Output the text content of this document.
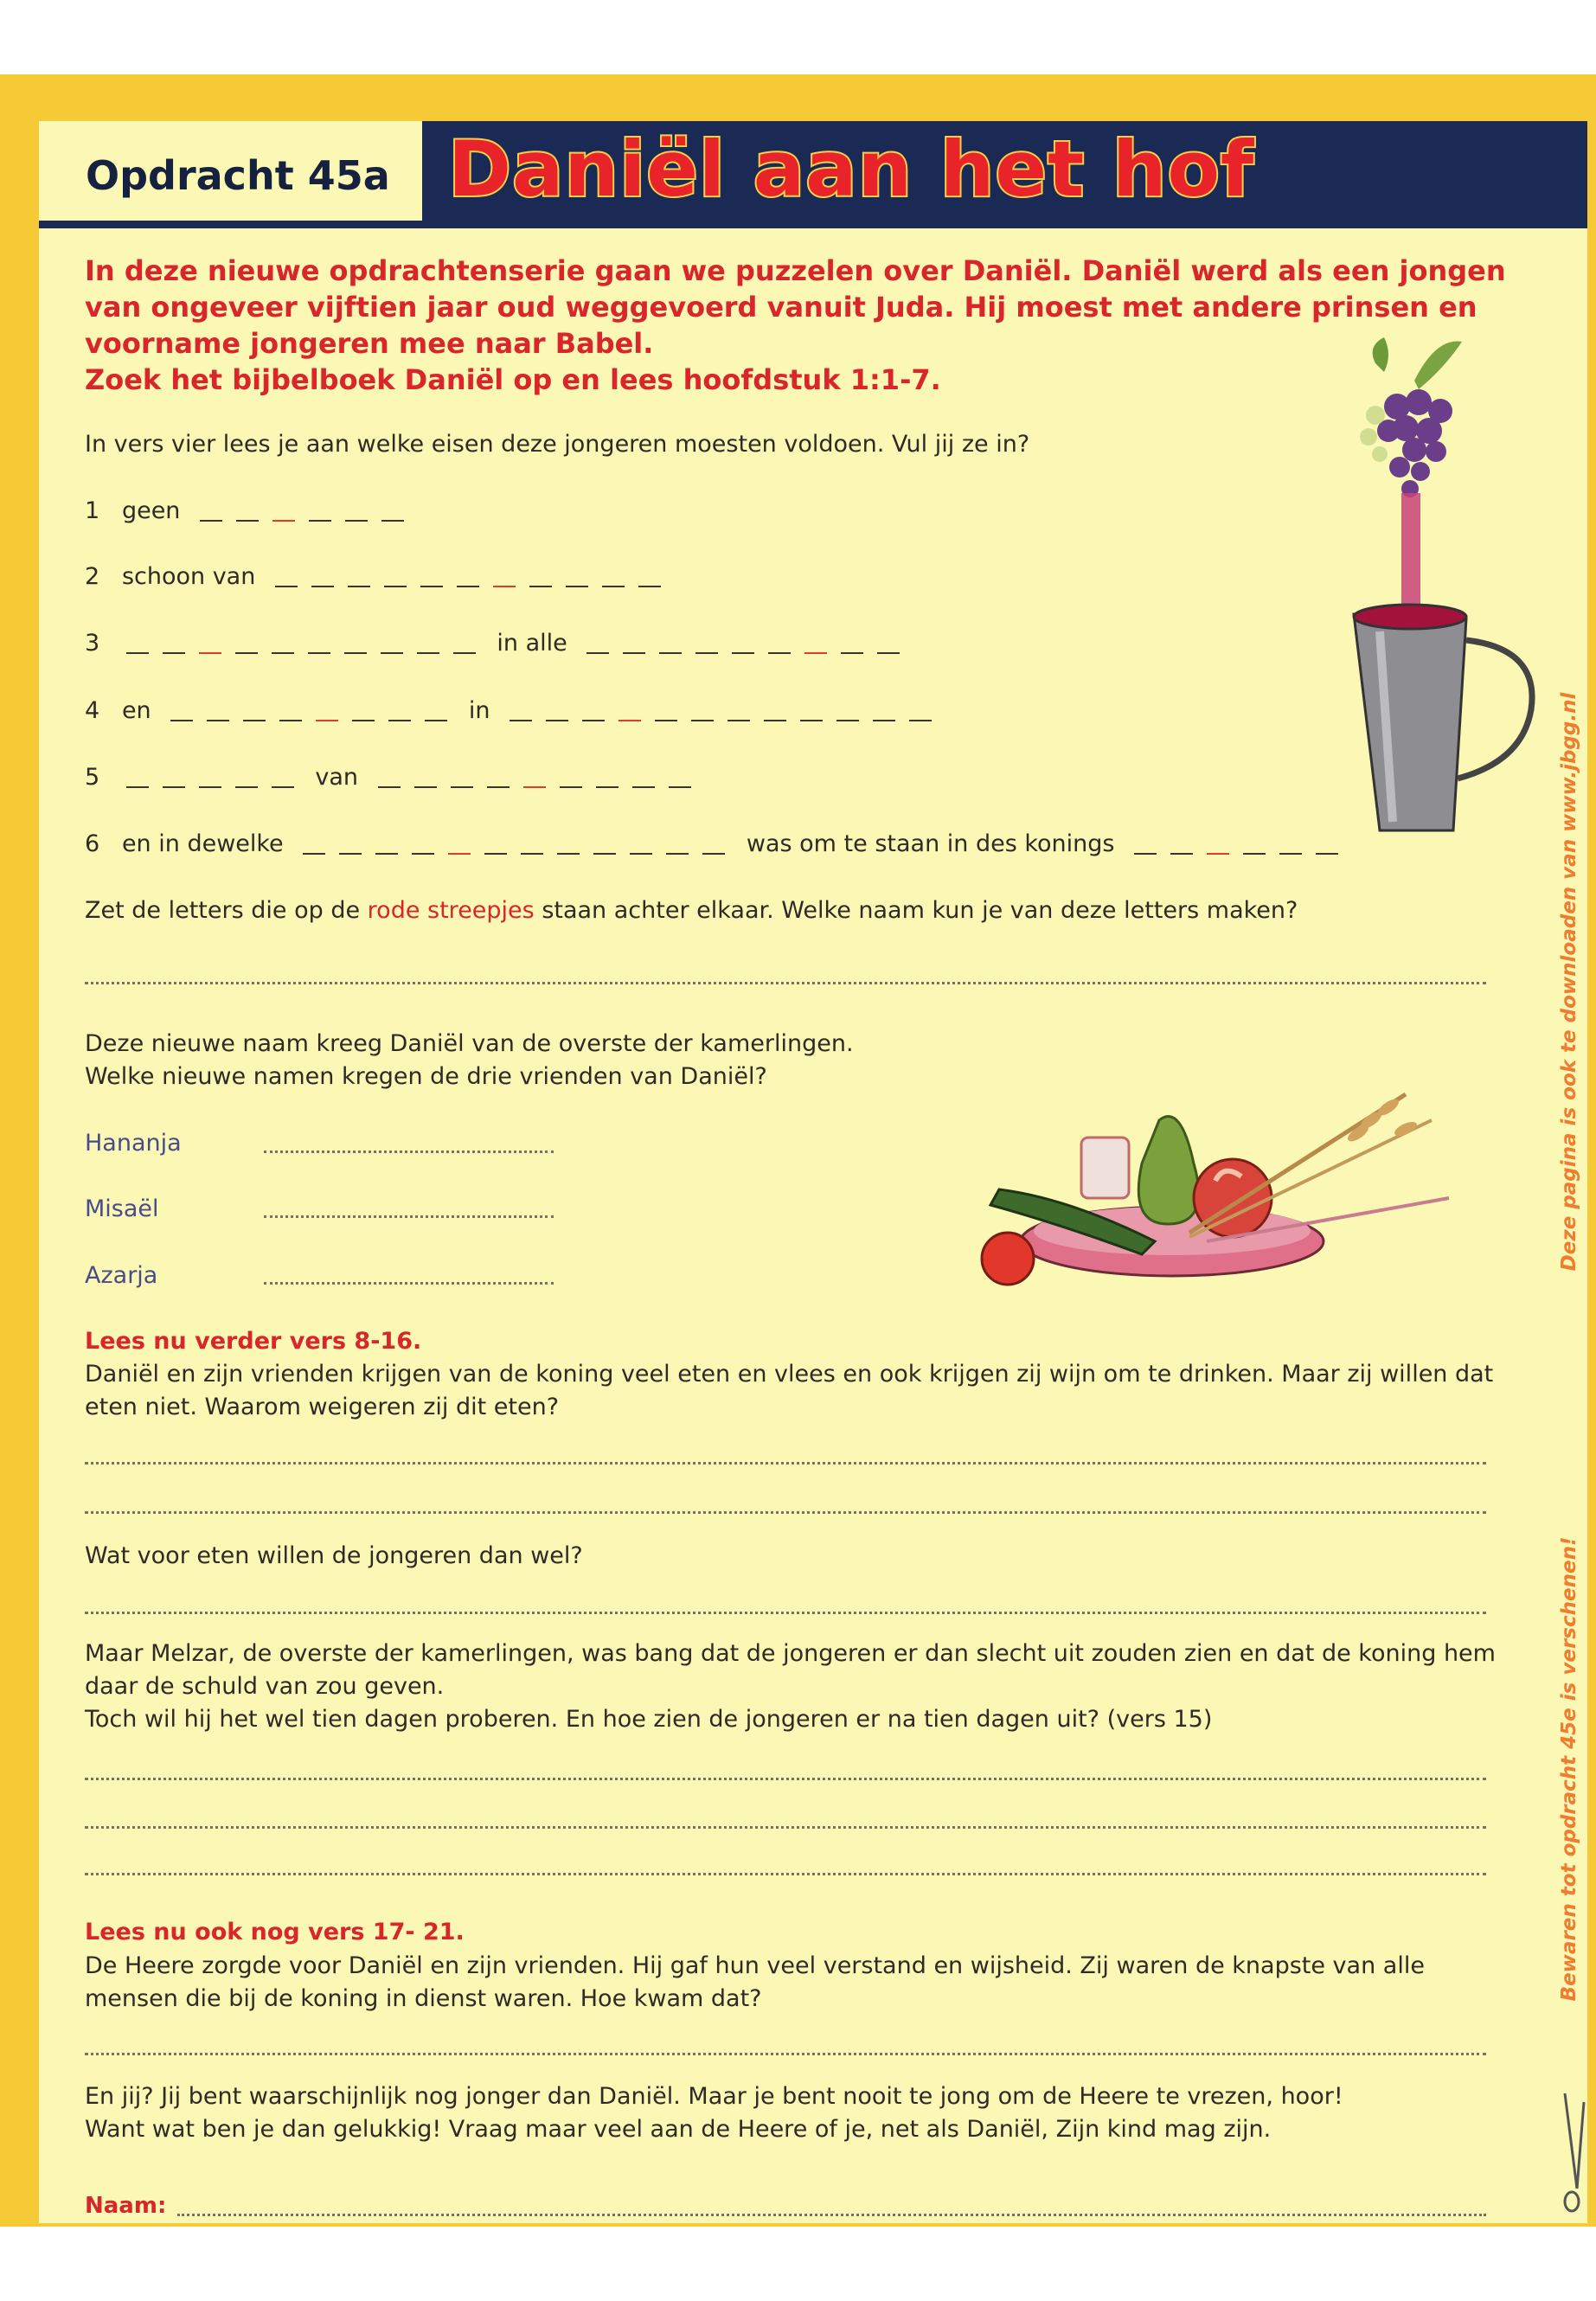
Opdracht 45a Daniël aan het hof
In deze nieuwe opdrachtenserie gaan we puzzelen over Daniël. Daniël werd als een jongen van ongeveer vijftien jaar oud weggevoerd vanuit Juda. Hij moest met andere prinsen en voorname jongeren mee naar Babel.
Zoek het bijbelboek Daniël op en lees hoofdstuk 1:1-7.
In vers vier lees je aan welke eisen deze jongeren moesten voldoen. Vul jij ze in?
1 geen
2 schoon van
3	in alle
4 en	in
5	van
6 en in dewelke	was om te staan in des konings
Zet de letters die op de rode streepjes staan achter elkaar. Welke naam kun je van deze letters maken?
Deze nieuwe naam kreeg Daniël van de overste der kamerlingen.
Welke nieuwe namen kregen de drie vrienden van Daniël?
Hananja
Misaël
Azarja
Lees nu verder vers 8-16.
Daniël en zijn vrienden krijgen van de koning veel eten en vlees en ook krijgen zij wijn om te drinken. Maar zij willen dat eten niet. Waarom weigeren zij dit eten?
Wat voor eten willen de jongeren dan wel?
Maar Melzar, de overste der kamerlingen, was bang dat de jongeren er dan slecht uit zouden zien en dat de koning hem daar de schuld van zou geven.
Toch wil hij het wel tien dagen proberen. En hoe zien de jongeren er na tien dagen uit? (vers 15)
Lees nu ook nog vers 17- 21.
De Heere zorgde voor Daniël en zijn vrienden. Hij gaf hun veel verstand en wijsheid. Zij waren de knapste van alle mensen die bij de koning in dienst waren. Hoe kwam dat?
En jij? Jij bent waarschijnlijk nog jonger dan Daniël. Maar je bent nooit te jong om de Heere te vrezen, hoor!
Want wat ben je dan gelukkig! Vraag maar veel aan de Heere of je, net als Daniël, Zijn kind mag zijn.
Naam:
Bewaren tot opdracht 45e is verschenen!
Deze pagina is ook te downloaden van www.jbgg.nl
